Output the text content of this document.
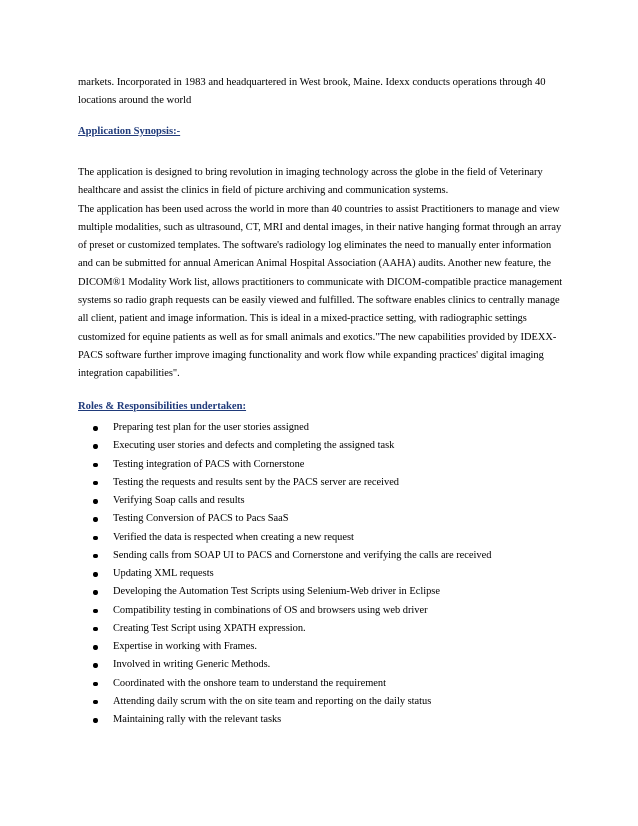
markets. Incorporated in 1983 and headquartered in West brook, Maine. Idexx conducts operations through 40 locations around the world

Application Synopsis:-

The application is designed to bring revolution in imaging technology across the globe in the field of Veterinary healthcare and assist the clinics in field of picture archiving and communication systems.

The application has been used across the world in more than 40 countries to assist Practitioners to manage and view multiple modalities, such as ultrasound, CT, MRI and dental images, in their native hanging format through an array of preset or customized templates. The software's radiology log eliminates the need to manually enter information and can be submitted for annual American Animal Hospital Association (AAHA) audits. Another new feature, the DICOM®1 Modality Work list, allows practitioners to communicate with DICOM-compatible practice management systems so radio graph requests can be easily viewed and fulfilled. The software enables clinics to centrally manage all client, patient and image information. This is ideal in a mixed-practice setting, with radiographic settings customized for equine patients as well as for small animals and exotics."The new capabilities provided by IDEXX-PACS software further improve imaging functionality and work flow while expanding practices' digital imaging integration capabilities".

Roles & Responsibilities undertaken:
Preparing test plan for the user stories assigned
Executing user stories and defects and completing the assigned task
Testing integration of PACS with Cornerstone
Testing the requests and results sent by the PACS server are received
Verifying Soap calls and results
Testing Conversion of PACS to Pacs SaaS
Verified the data is respected when creating a new request
Sending calls from SOAP UI to PACS and Cornerstone and verifying the calls are received
Updating XML requests
Developing the Automation Test Scripts using Selenium-Web driver in Eclipse
Compatibility testing in combinations of OS and browsers using web driver
Creating Test Script using XPATH expression.
Expertise in working with Frames.
Involved in writing Generic Methods.
Coordinated with the onshore team to understand the requirement
Attending daily scrum with the on site team and reporting on the daily status
Maintaining rally with the relevant tasks
